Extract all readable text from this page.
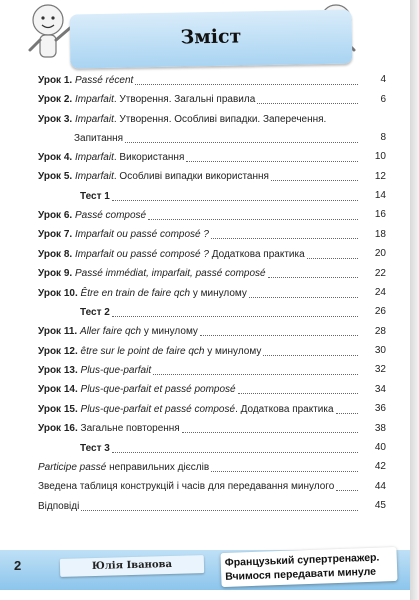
Зміст
Урок 1. Passé récent	4
Урок 2. Imparfait. Утворення. Загальні правила	6
Урок 3. Imparfait. Утворення. Особливі випадки. Заперечення.
Запитання	8
Урок 4. Imparfait. Використання	10
Урок 5. Imparfait. Особливі випадки використання	12
Тест 1	14
Урок 6. Passé composé	16
Урок 7. Imparfait ou passé composé ?	18
Урок 8. Imparfait ou passé composé ? Додаткова практика	20
Урок 9. Passé immédiat, imparfait, passé composé	22
Урок 10. Être en train de faire qch у минулому	24
Тест 2	26
Урок 11. Aller faire qch у минулому	28
Урок 12. être sur le point de faire qch у минулому	30
Урок 13. Plus-que-parfait	32
Урок 14. Plus-que-parfait et passé pomposé	34
Урок 15. Plus-que-parfait et passé composé. Додаткова практика	36
Урок 16. Загальне повторення	38
Тест 3	40
Participe passé неправильних дієслів	42
Зведена таблиця конструкцій і часів для передавання минулого	44
Відповіді	45
2	Юлія Іванова	Французький супертренажер.
Вчимося передавати минуле
